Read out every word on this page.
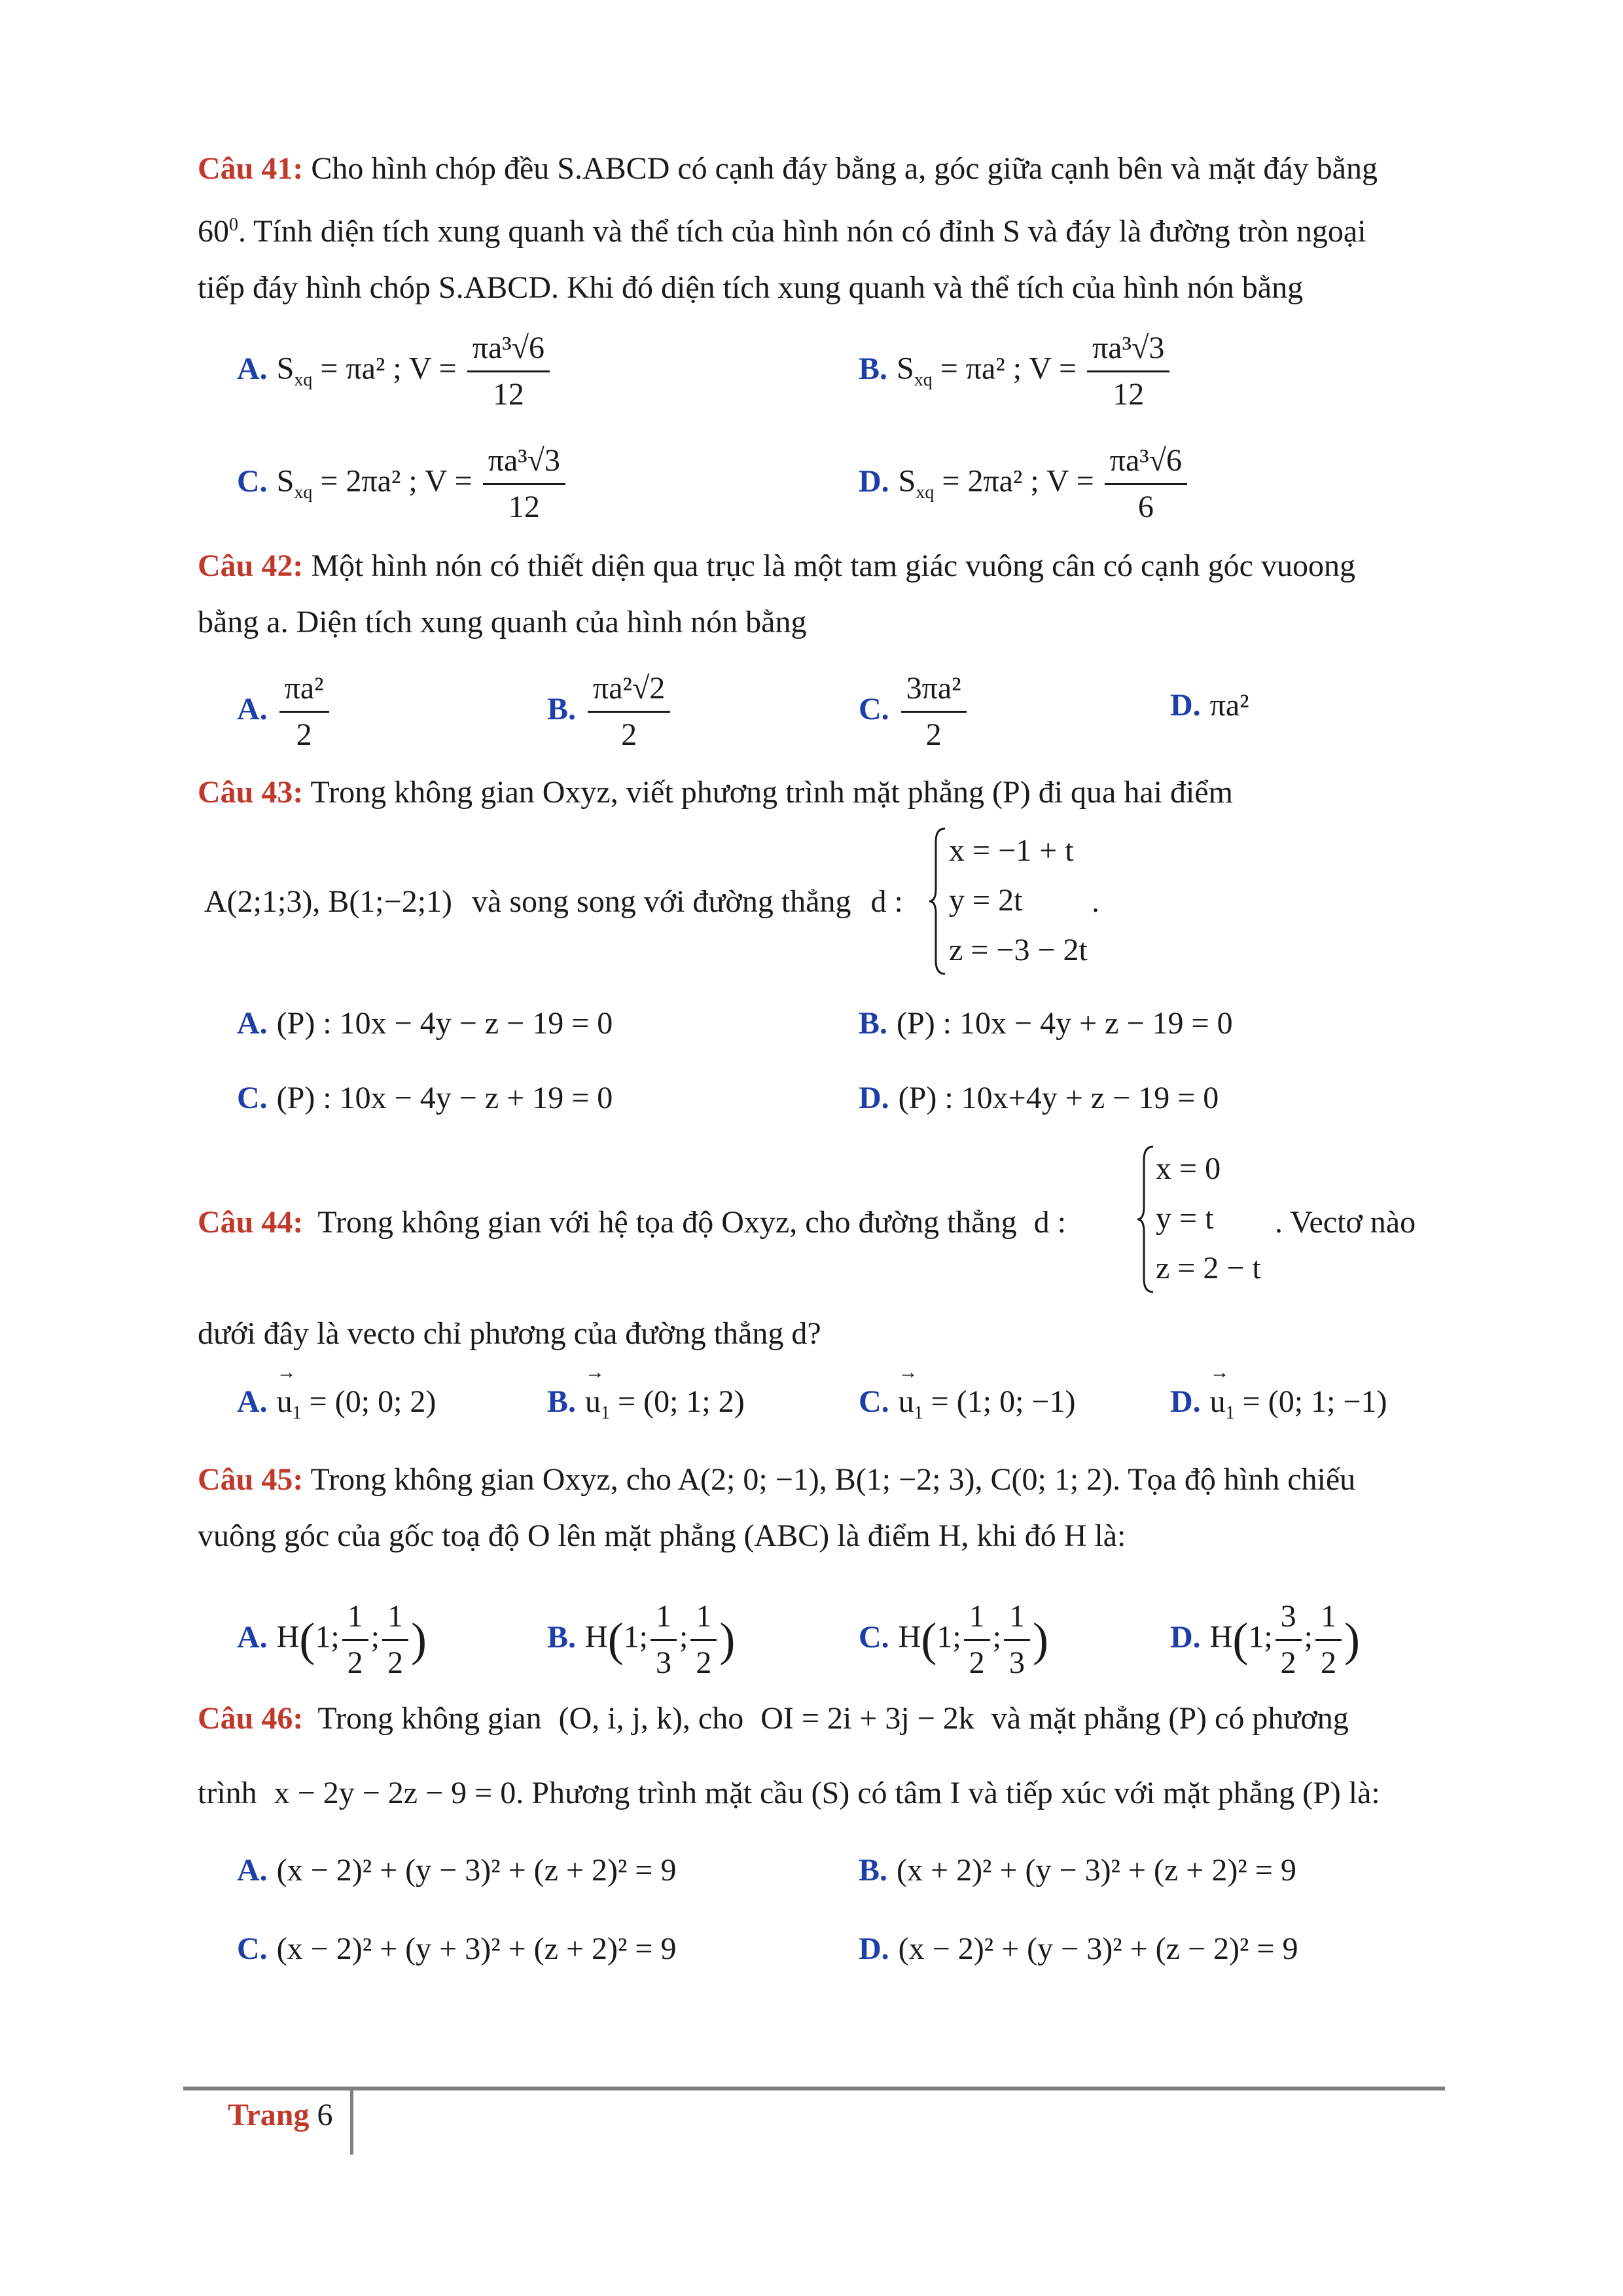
Câu 41: Cho hình chóp đều S.ABCD có cạnh đáy bằng a, góc giữa cạnh bên và mặt đáy bằng
$60^0$. Tính diện tích xung quanh và thể tích của hình nón có đỉnh S và đáy là đường tròn ngoại
tiếp đáy hình chóp S.ABCD. Khi đó diện tích xung quanh và thể tích của hình nón bằng
A. $S_{xq} = \pi a^2$ ; $V = \frac{\text{πa³√6}}{12}$	B. $S_{xq} = \pi a^2$ ; $V = \frac{\text{πa³√3}}{12}$
C. $S_{xq} = 2\pi a^2$ ; $V = \frac{\text{πa³√3}}{12}$	D. $S_{xq} = 2\pi a^2$ ; $V = \frac{\text{πa³√6}}{6}$
Câu 42: Một hình nón có thiết diện qua trục là một tam giác vuông cân có cạnh góc vuoong
bằng a. Diện tích xung quanh của hình nón bằng
A. $\frac{\text{πa²}}{2}$	B. $\frac{\text{πa²√2}}{2}$	C. $\frac{\text{3πa²}}{2}$	D. πa²
Câu 43: Trong không gian Oxyz, viết phương trình mặt phẳng (P) đi qua hai điểm
A(2;1;3), B(1;−2;1) và song song với đường thẳng d :
x = −1 + t
y = 2t
z = −3 − 2t
.
A. (P) : 10x − 4y − z − 19 = 0	B. (P) : 10x − 4y + z − 19 = 0
C. (P) : 10x − 4y − z + 19 = 0	D. (P) : 10x+4y + z − 19 = 0
Câu 44: Trong không gian với hệ tọa độ Oxyz, cho đường thẳng d :
x = 0
y = t
z = 2 − t
. Vectơ nào
dưới đây là vecto chỉ phương của đường thẳng d?
A. → $u_1 = (0$; 0; 2)	B. → $u_1 = (0$; 1; 2)	C. → $u_1 = (1$; 0; −1)	D. → $u_1 = (0$; 1; −1)
Câu 45: Trong không gian Oxyz, cho A(2; 0; −1), B(1; −2; 3), C(0; 1; 2). Tọa độ hình chiếu
vuông góc của gốc toạ độ O lên mặt phẳng (ABC) là điểm H, khi đó H là:
A. H(1; $\frac{1}{2}$ ; $\frac{1}{2}$ )	B. H(1; $\frac{1}{3}$ ; $\frac{1}{2}$ )	C. H(1; $\frac{1}{2}$ ; $\frac{1}{3}$ )	D. H(1; $\frac{3}{2}$ ; $\frac{1}{2}$ )
Câu 46: Trong không gian (O, i, j, k), cho OI = 2i + 3j − 2k và mặt phẳng (P) có phương
trình x − 2y − 2z − 9 = 0. Phương trình mặt cầu (S) có tâm I và tiếp xúc với mặt phẳng (P) là:
A. (x − 2)² + (y − 3)² + (z + 2)² = 9	B. (x + 2)² + (y − 3)² + (z + 2)² = 9
C. (x − 2)² + (y + 3)² + (z + 2)² = 9	D. (x − 2)² + (y − 3)² + (z − 2)² = 9
Trang 6
